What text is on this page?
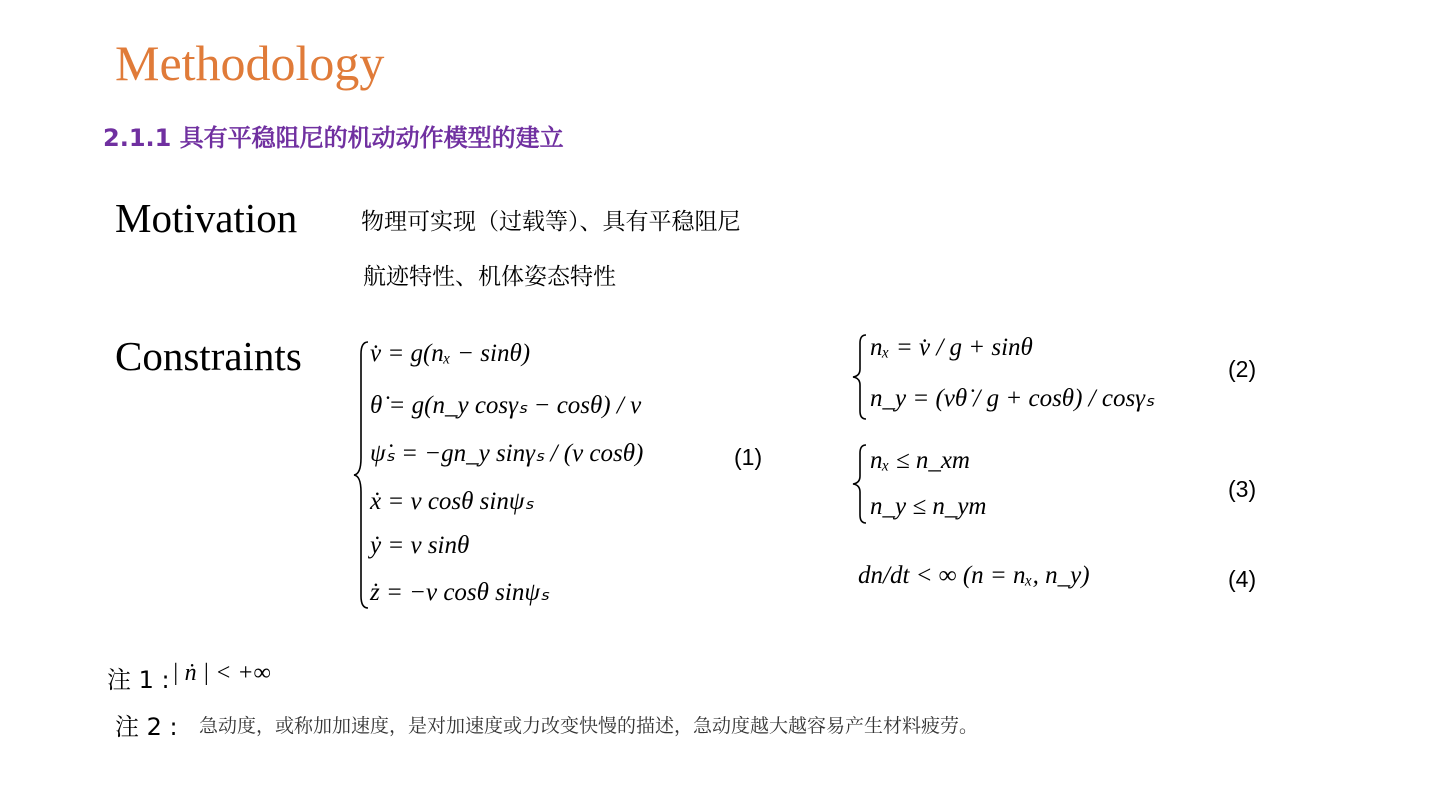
Methodology
2.1.1 具有平稳阻尼的机动动作模型的建立
Motivation	物理可实现（过载等）、具有平稳阻尼
航迹特性、机体姿态特性
Constraints	v̇ = g(nₓ − sinθ)
θ̇ = g(n_y cosγₛ − cosθ) / v
ψ̇ₛ = −gn_y sinγₛ / (v cosθ)
ẋ = v cosθ sinψₛ
ẏ = v sinθ
ż = −v cosθ sinψₛ
(1)
nₓ = v̇ / g + sinθ
n_y = (vθ̇ / g + cosθ) / cosγₛ
(2)
nₓ ≤ n_xm
n_y ≤ n_ym
(3)
dn/dt < ∞ (n = nₓ, n_y)	(4)
注 1 : | ṅ | < +∞
注 2 : 急动度，或称加加速度，是对加速度或力改变快慢的描述，急动度越大越容易产生材料疲劳。
